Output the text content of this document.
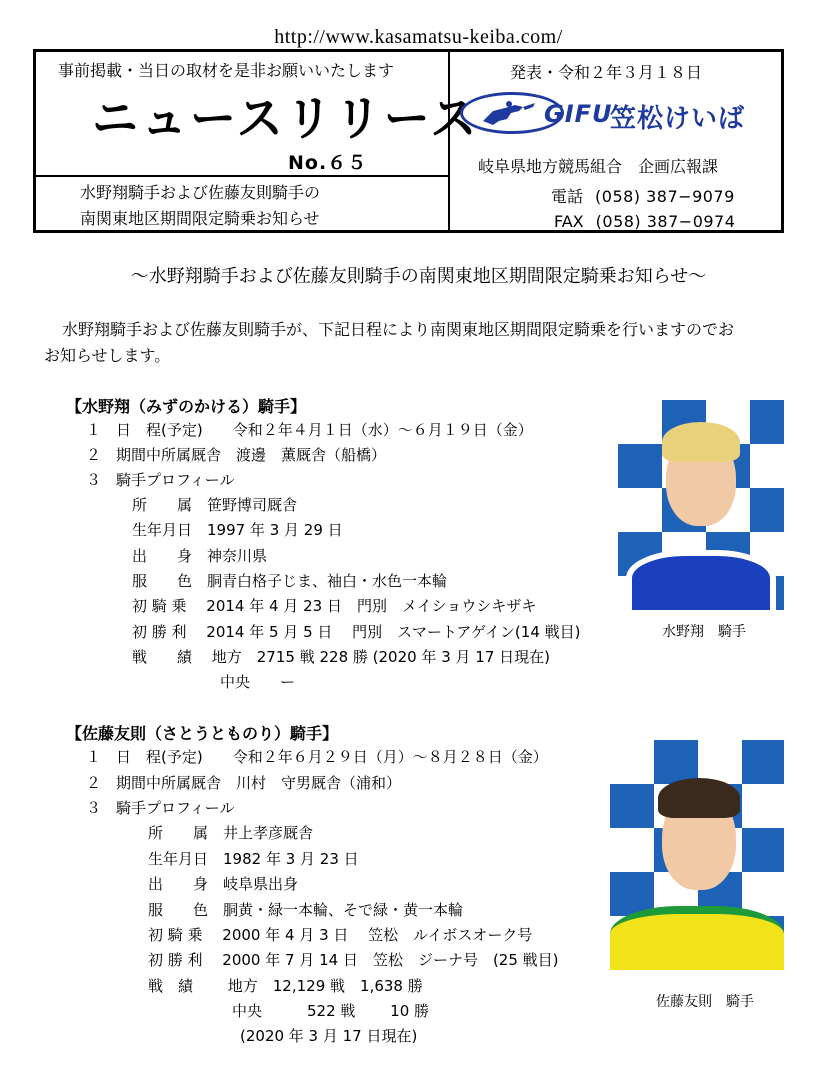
http://www.kasamatsu-keiba.com/
事前掲載・当日の取材を是非お願いいたします
ニュースリリース
No.６５
水野翔騎手および佐藤友則騎手の
南関東地区期間限定騎乗お知らせ
発表・令和２年３月１８日
GIFU
笠松けいば
岐阜県地方競馬組合　企画広報課
電話 (058) 387−9079
FAX (058) 387−0974
～水野翔騎手および佐藤友則騎手の南関東地区期間限定騎乗お知らせ～
水野翔騎手および佐藤友則騎手が、下記日程により南関東地区期間限定騎乗を行いますのでお
お知らせします。
【水野翔（みずのかける）騎手】
１　日　程(予定)　　令和２年４月１日（水）～６月１９日（金）
２　期間中所属厩舎　渡邊　薫厩舎（船橋）
３　騎手プロフィール
所　　属　笹野博司厩舎
生年月日　1997 年 3 月 29 日
出　　身　神奈川県
服　　色　胴青白格子じま、袖白・水色一本輪
初 騎 乗　 2014 年 4 月 23 日　門別　メイショウシキザキ
初 勝 利　 2014 年 5 月 5 日　 門別　スマートアゲイン(14 戦目)
戦　　績　 地方　2715 戦 228 勝 (2020 年 3 月 17 日現在)
中央　　ー
水野翔　騎手
【佐藤友則（さとうとものり）騎手】
１　日　程(予定)　　令和２年６月２９日（月）～８月２８日（金）
２　期間中所属厩舎　川村　守男厩舎（浦和）
３　騎手プロフィール
所　　属　井上孝彦厩舎
生年月日　1982 年 3 月 23 日
出　　身　岐阜県出身
服　　色　胴黄・緑一本輪、そで緑・黄一本輪
初 騎 乗　 2000 年 4 月 3 日　 笠松　ルイボスオーク号
初 勝 利　 2000 年 7 月 14 日　笠松　ジーナ号　(25 戦目)
戦　績　　 地方　12,129 戦　1,638 勝
中央　　　522 戦　　 10 勝
(2020 年 3 月 17 日現在)
佐藤友則　騎手
